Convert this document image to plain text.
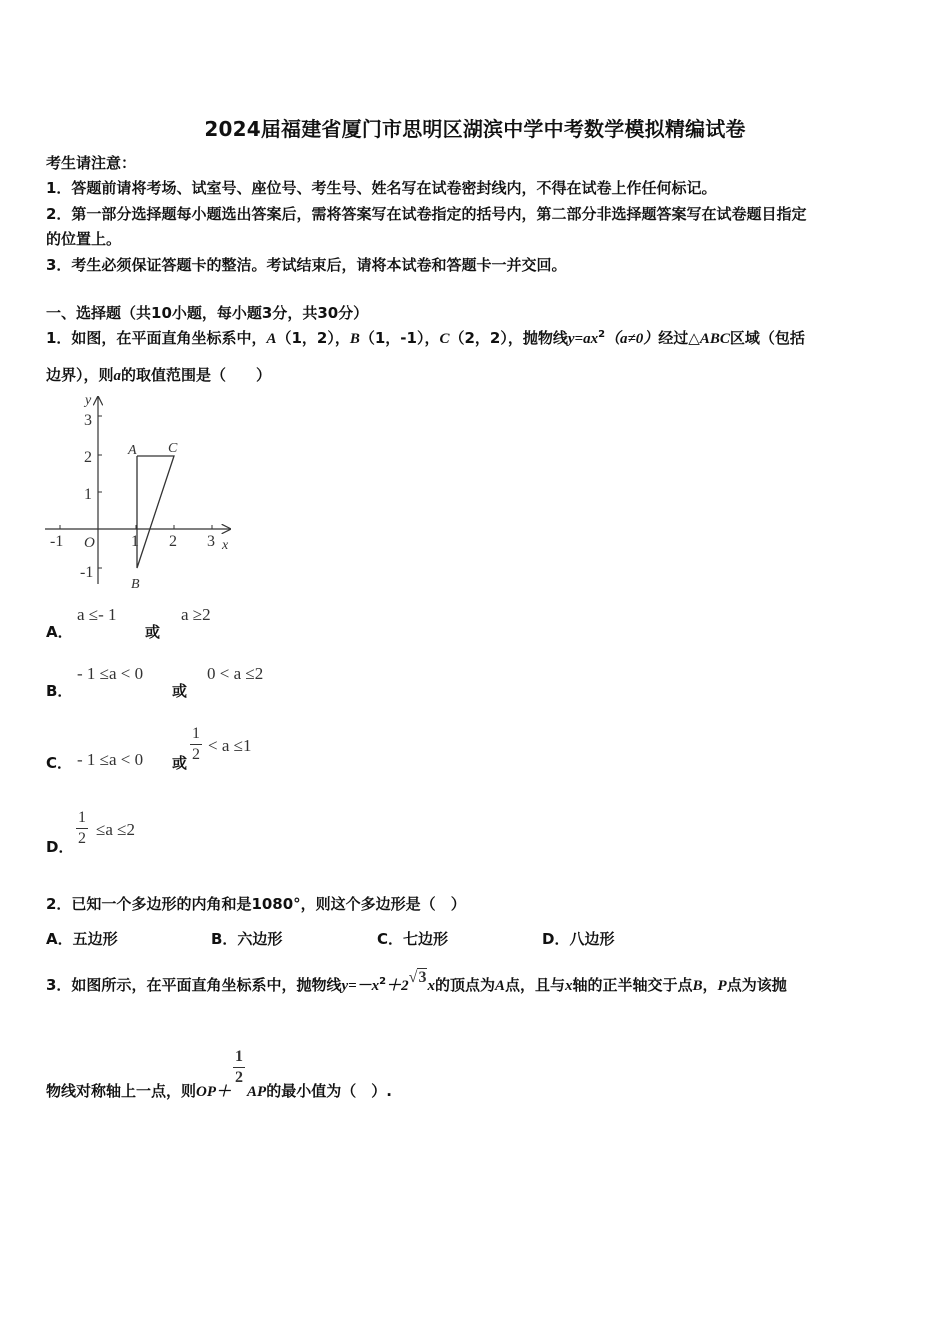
2024届福建省厦门市思明区湖滨中学中考数学模拟精编试卷
考生请注意：
1．答题前请将考场、试室号、座位号、考生号、姓名写在试卷密封线内，不得在试卷上作任何标记。
2．第一部分选择题每小题选出答案后，需将答案写在试卷指定的括号内，第二部分非选择题答案写在试卷题目指定
的位置上。
3．考生必须保证答题卡的整洁。考试结束后，请将本试卷和答题卡一并交回。
一、选择题（共10小题，每小题3分，共30分）
1．如图，在平面直角坐标系中，A（1，2），B（1，-1），C（2，2），抛物线$y=ax^2(a\ne 0)$经过△ABC区域（包括
边界），则a的取值范围是（　　）
-1	1 2 3 x
3
2
1
-1
y
O
A C
B
A．
a ≤- 1
或
a ≥2
B．
- 1 ≤a < 0
或
0 < a ≤2
C． - 1 ≤a < 0 或 $\frac{1}{2} < a \le 1$
D． $\frac{1}{2} \le a \le 2$
2．已知一个多边形的内角和是1080°，则这个多边形是（　）
A．五边形	B．六边形	C．七边形	D．八边形
3．如图所示，在平面直角坐标系中，抛物线$y=-x^2+2√3x$的顶点为A点，且与x轴的正半轴交于点B，P点为该抛
物线对称轴上一点，则OP＋
$\frac{1}{2}$
AP的最小值为（　）.
